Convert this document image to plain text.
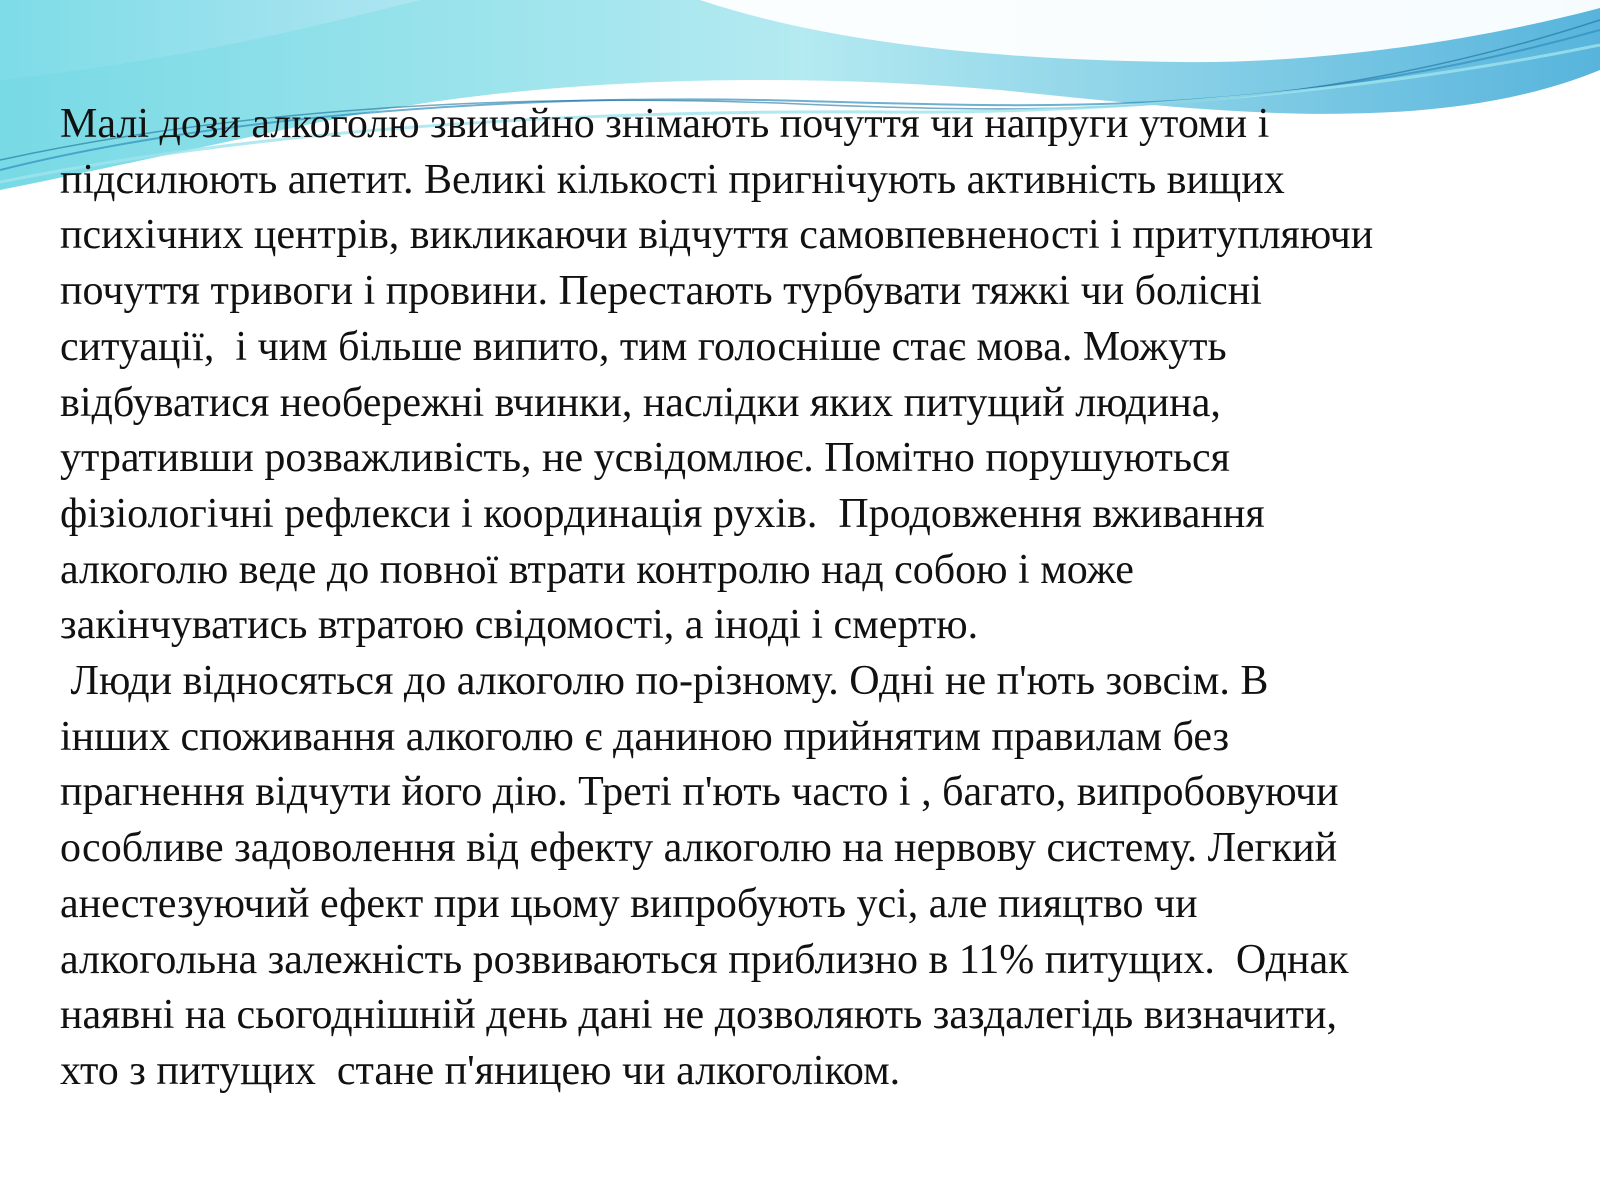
Малі дози алкоголю звичайно знімають почуття чи напруги утоми і
підсилюють апетит. Великі кількості пригнічують активність вищих
психічних центрів, викликаючи відчуття самовпевненості і притупляючи
почуття тривоги і провини. Перестають турбувати тяжкі чи болісні
ситуації,  і чим більше випито, тим голосніше стає мова. Можуть
відбуватися необережні вчинки, наслідки яких питущий людина,
утративши розважливість, не усвідомлює. Помітно порушуються
фізіологічні рефлекси і координація рухів.  Продовження вживання
алкоголю веде до повної втрати контролю над собою і може
закінчуватись втратою свідомості, а іноді і смертю.
Люди відносяться до алкоголю по-різному. Одні не п'ють зовсім. В
інших споживання алкоголю є даниною прийнятим правилам без
прагнення відчути його дію. Треті п'ють часто і , багато, випробовуючи
особливе задоволення від ефекту алкоголю на нервову систему. Легкий
анестезуючий ефект при цьому випробують усі, але пияцтво чи
алкогольна залежність розвиваються приблизно в 11% питущих.  Однак
наявні на сьогоднішній день дані не дозволяють заздалегідь визначити,
хто з питущих  стане п'яницею чи алкоголіком.
